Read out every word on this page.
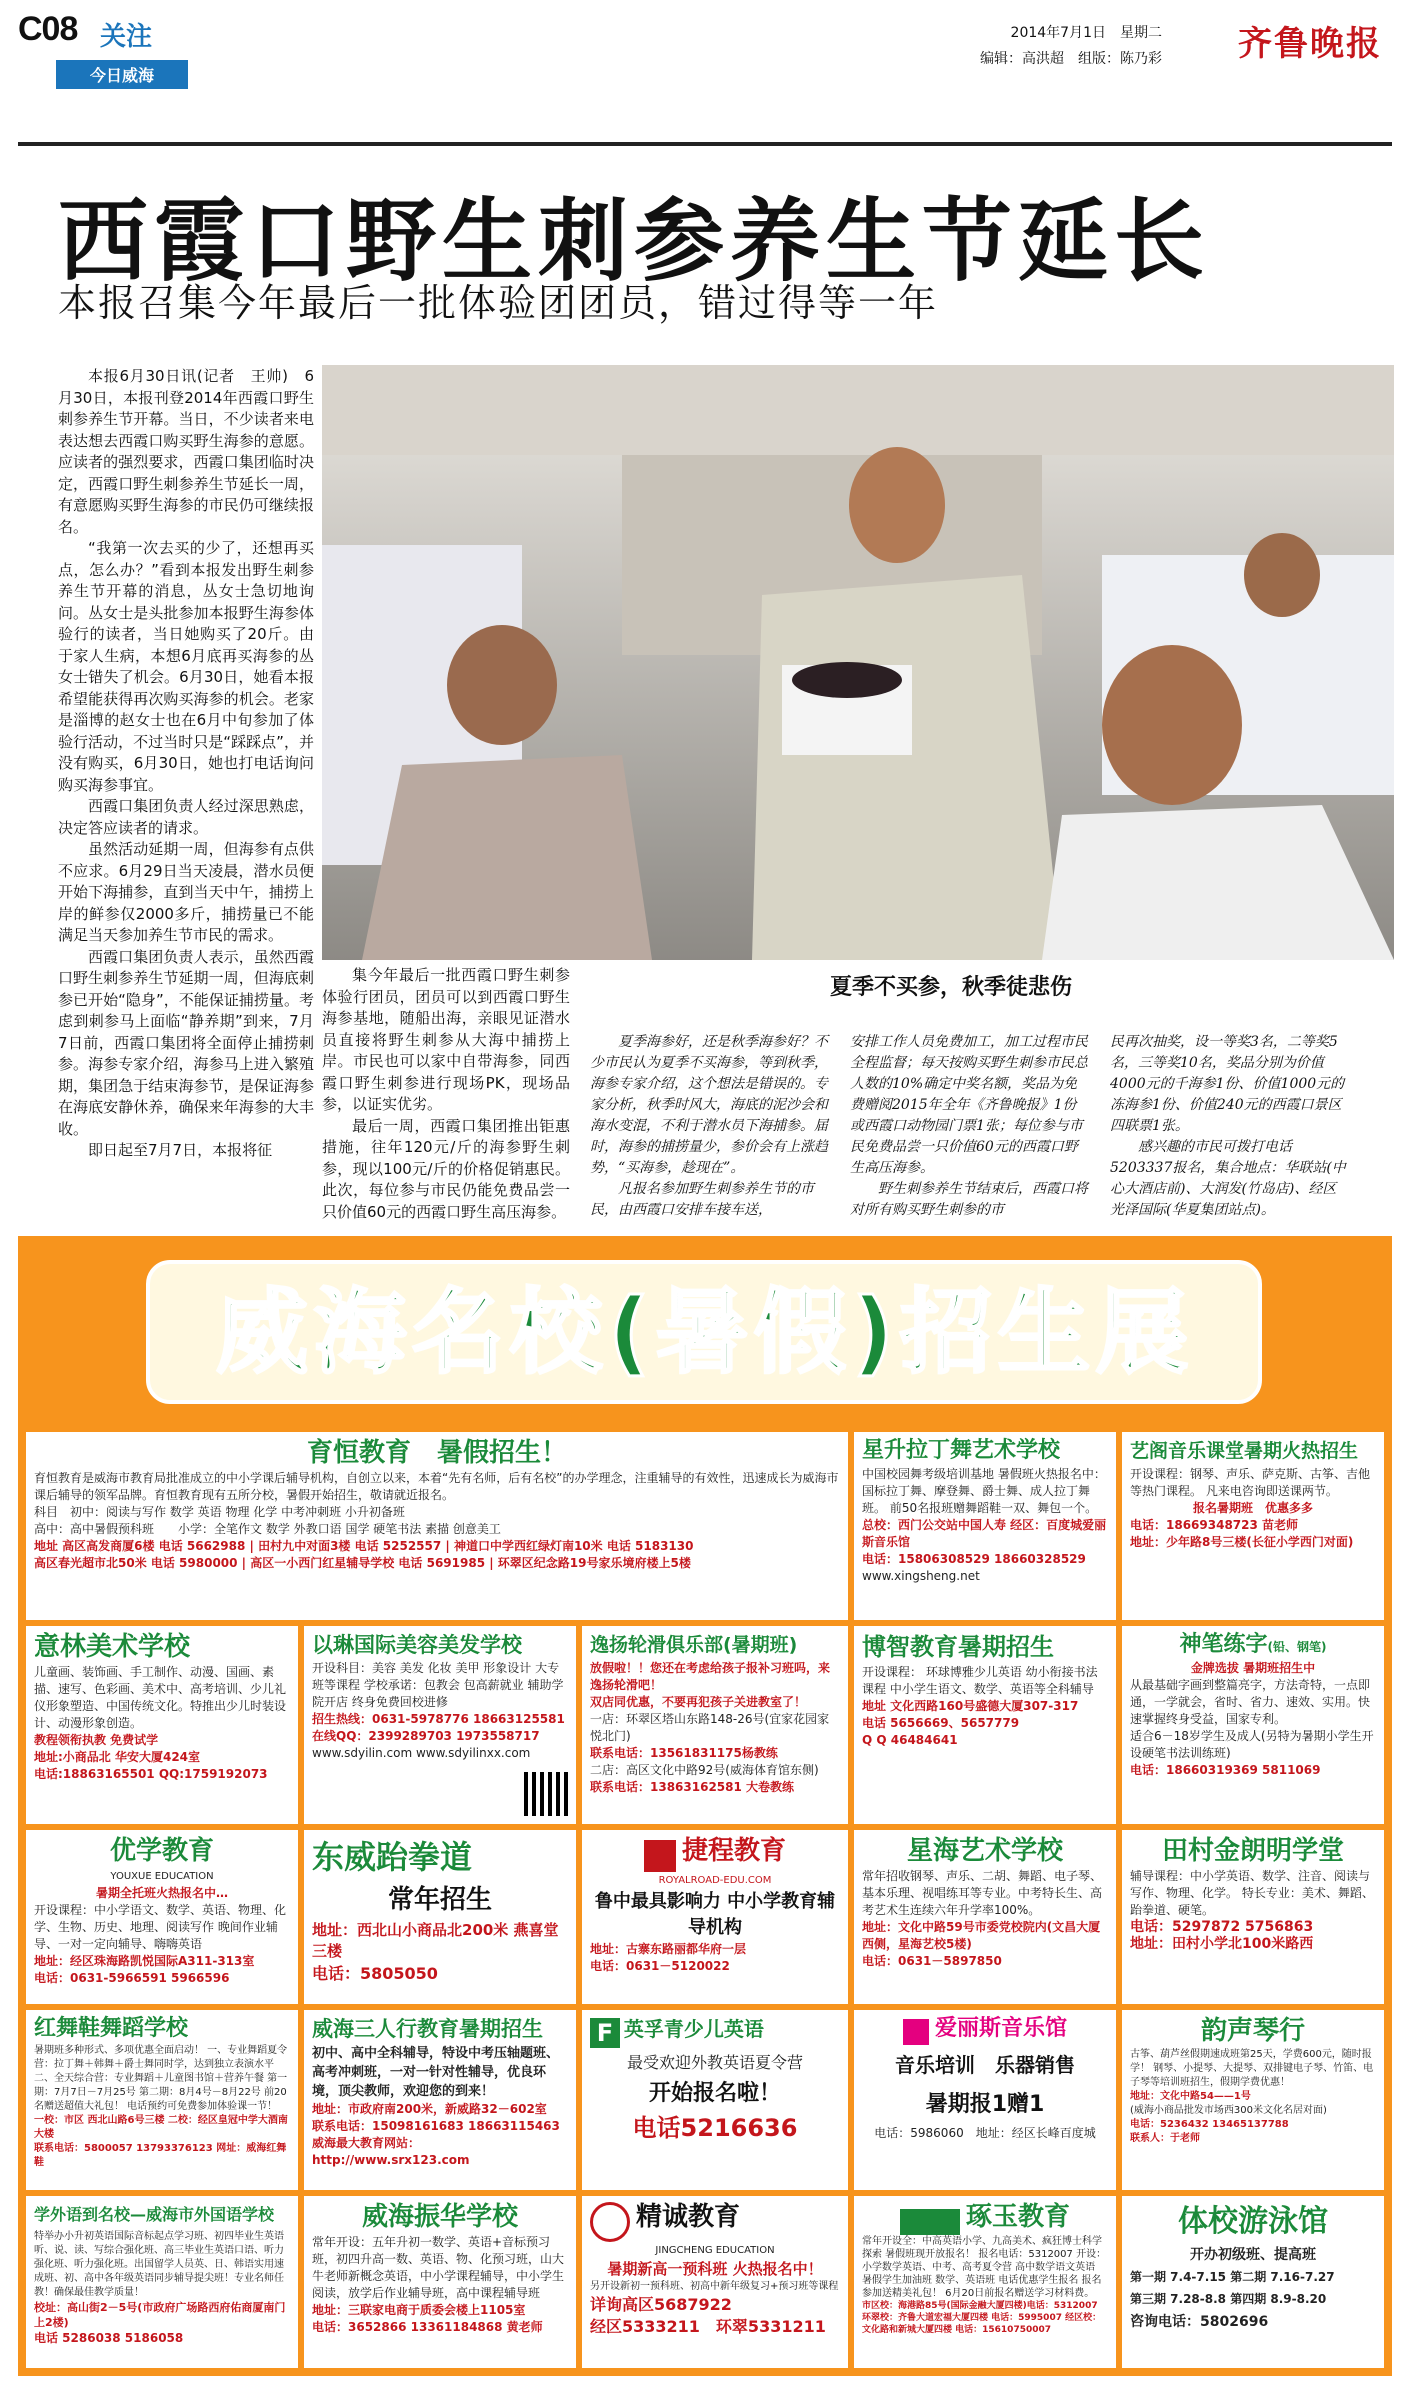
C08 关注
今日威海
2014年7月1日　星期二
编辑：高洪超　组版：陈乃彩 齐鲁晚报
西霞口野生刺参养生节延长
本报召集今年最后一批体验团团员，错过得等一年

本报6月30日讯(记者　王帅)　6月30日，本报刊登2014年西霞口野生刺参养生节开幕。当日，不少读者来电表达想去西霞口购买野生海参的意愿。应读者的强烈要求，西霞口集团临时决定，西霞口野生刺参养生节延长一周，有意愿购买野生海参的市民仍可继续报名。

“我第一次去买的少了，还想再买点，怎么办？”看到本报发出野生刺参养生节开幕的消息，丛女士急切地询问。丛女士是头批参加本报野生海参体验行的读者，当日她购买了20斤。由于家人生病，本想6月底再买海参的丛女士错失了机会。6月30日，她看本报希望能获得再次购买海参的机会。老家是淄博的赵女士也在6月中旬参加了体验行活动，不过当时只是“踩踩点”，并没有购买，6月30日，她也打电话询问购买海参事宜。

西霞口集团负责人经过深思熟虑，决定答应读者的请求。

虽然活动延期一周，但海参有点供不应求。6月29日当天凌晨，潜水员便开始下海捕参，直到当天中午，捕捞上岸的鲜参仅2000多斤，捕捞量已不能满足当天参加养生节市民的需求。

西霞口集团负责人表示，虽然西霞口野生刺参养生节延期一周，但海底刺参已开始“隐身”，不能保证捕捞量。考虑到刺参马上面临“静养期”到来，7月7日前，西霞口集团将全面停止捕捞刺参。海参专家介绍，海参马上进入繁殖期，集团急于结束海参节，是保证海参在海底安静休养，确保来年海参的大丰收。

即日起至7月7日，本报将征

夏季不买参，秋季徒悲伤

集今年最后一批西霞口野生刺参体验行团员，团员可以到西霞口野生海参基地，随船出海，亲眼见证潜水员直接将野生刺参从大海中捕捞上岸。市民也可以家中自带海参，同西霞口野生刺参进行现场PK，现场品参，以证实优劣。

最后一周，西霞口集团推出钜惠措施，往年120元/斤的海参野生刺参，现以100元/斤的价格促销惠民。此次，每位参与市民仍能免费品尝一只价值60元的西霞口野生高压海参。

夏季海参好，还是秋季海参好？不少市民认为夏季不买海参，等到秋季，海参专家介绍，这个想法是错误的。专家分析，秋季时风大，海底的泥沙会和海水变混，不利于潜水员下海捕参。届时，海参的捕捞量少，参价会有上涨趋势，“买海参，趁现在”。

凡报名参加野生刺参养生节的市民，由西霞口安排车接车送，

安排工作人员免费加工，加工过程市民全程监督；每天按购买野生刺参市民总人数的10%确定中奖名额，奖品为免费赠阅2015年全年《齐鲁晚报》1份或西霞口动物园门票1张；每位参与市民免费品尝一只价值60元的西霞口野生高压海参。

野生刺参养生节结束后，西霞口将对所有购买野生刺参的市

民再次抽奖，设一等奖3名，二等奖5名，三等奖10名，奖品分别为价值4000元的千海参1份、价值1000元的冻海参1份、价值240元的西霞口景区四联票1张。

感兴趣的市民可拨打电话5203337报名，集合地点：华联站(中心大酒店前)、大润发(竹岛店)、经区光泽国际(华夏集团站点)。

威海名校(暑假)招生展
育恒教育　暑假招生！
育恒教育是威海市教育局批准成立的中小学课后辅导机构，自创立以来，本着“先有名师，后有名校”的办学理念，注重辅导的有效性，迅速成长为威海市课后辅导的领军品牌。育恒教育现有五所分校，暑假开始招生，敬请就近报名。
科目　初中：阅读与写作 数学 英语 物理 化学 中考冲刺班 小升初备班
高中：高中暑假预科班　　小学：全笔作文 数学 外教口语 国学 硬笔书法 素描 创意美工
地址 高区高发商厦6楼 电话 5662988 | 田村九中对面3楼 电话 5252557 | 神道口中学西红绿灯南10米 电话 5183130
高区春光超市北50米 电话 5980000 | 高区一小西门红星辅导学校 电话 5691985 | 环翠区纪念路19号家乐境府楼上5楼
星升拉丁舞艺术学校
中国校园舞考级培训基地 暑假班火热报名中：国标拉丁舞、摩登舞、爵士舞、成人拉丁舞班。 前50名报班赠舞蹈鞋一双、舞包一个。
总校：西门公交站中国人寿 经区：百度城爱丽斯音乐馆
电话：15806308529 18660328529
www.xingsheng.net
艺阁音乐课堂暑期火热招生
开设课程：钢琴、声乐、萨克斯、古筝、吉他等热门课程。 凡来电咨询即送课两节。
报名暑期班　优惠多多
电话：18669348723 苗老师
地址：少年路8号三楼(长征小学西门对面)
意林美术学校
儿童画、装饰画、手工制作、动漫、国画、素描、速写、色彩画、美术中、高考培训、少儿礼仪形象塑造、中国传统文化。特推出少儿时装设计、动漫形象创造。
教程领衔执教 免费试学
地址:小商品北 华安大厦424室
电话:18863165501 QQ:1759192073
以琳国际美容美发学校
开设科目：美容 美发 化妆 美甲 形象设计 大专班等课程 学校承诺：包教会 包高薪就业 辅助学院开店 终身免费回校进修
招生热线：0631-5978776 18663125581
在线QQ：2399289703 1973558717
www.sdyilin.com www.sdyilinxx.com
逸扬轮滑俱乐部(暑期班)
放假啦！！您还在考虑给孩子报补习班吗，来逸扬轮滑吧！
双店同优惠，不要再犯孩子关进教室了！
一店：环翠区塔山东路148-26号(宜家花园家悦北门)
联系电话：13561831175杨教练
二店：高区文化中路92号(威海体育馆东侧)
联系电话：13863162581 大卷教练
博智教育暑期招生
开设课程： 环球博雅少儿英语 幼小衔接书法课程 中小学生语文、数学、英语等全科辅导
地址 文化西路160号盛德大厦307-317
电话 5656669、5657779
Q Q 46484641
神笔练字(铅、钢笔)
金牌选拔 暑期班招生中
从最基础字画到整篇亮字，方法奇特，一点即通，一学就会，省时、省力、速效、实用。快速掌握终身受益，国家专利。
适合6－18岁学生及成人(另特为暑期小学生开设硬笔书法训练班)
电话：18660319369 5811069
优学教育
YOUXUE EDUCATION
暑期全托班火热报名中…
开设课程：中小学语文、数学、英语、物理、化学、生物、历史、地理、阅读写作 晚间作业辅导、一对一定向辅导、嗨嗨英语
地址：经区珠海路凯悦国际A311-313室
电话：0631-5966591 5966596
东威跆拳道
常年招生
地址：西北山小商品北200米 燕喜堂三楼
电话：5805050
捷程教育
ROYALROAD-EDU.COM
鲁中最具影响力 中小学教育辅导机构
地址：古寨东路丽都华府一层
电话：0631－5120022
星海艺术学校
常年招收钢琴、声乐、二胡、舞蹈、电子琴、基本乐理、视唱练耳等专业。中考特长生、高考艺术生连续六年升学率100%。
地址：文化中路59号市委党校院内(文昌大厦西侧，星海艺校5楼)
电话：0631－5897850
田村金朗明学堂
辅导课程：中小学英语、数学、注音、阅读与写作、物理、化学。 特长专业：美术、舞蹈、跆拳道、硬笔。
电话：5297872 5756863
地址：田村小学北100米路西
红舞鞋舞蹈学校
暑期班多种形式、多项优惠全面启动！ 一、专业舞蹈夏令营：拉丁舞＋韩舞＋爵士舞同时学，达到独立表演水平 二、全天综合营：专业舞蹈＋儿童图书馆＋营养午餐 第一期：7月7日－7月25号 第二期：8月4号－8月22号 前20名赠送超值大礼包！ 电话预约可免费参加体验课一节！
一校：市区 西北山路6号三楼 二校：经区皇冠中学大酒南大楼
联系电话：5800057 13793376123 网址：威海红舞鞋
威海三人行教育暑期招生
初中、高中全科辅导，特设中考压轴题班、高考冲刺班，一对一针对性辅导，优良环境，顶尖教师，欢迎您的到来！
地址：市政府南200米，新威路32－602室
联系电话：15098161683 18663115463
威海最大教育网站：http://www.srx123.com
F 英孚青少儿英语
最受欢迎外教英语夏令营
开始报名啦！
电话5216636
爱丽斯音乐馆
音乐培训　乐器销售
暑期报1赠1
电话：5986060　地址：经区长峰百度城
韵声琴行
古筝、葫芦丝假期速成班第25天，学费600元，随时报学！ 钢琴、小提琴、大提琴、双排键电子琴、竹笛、电子琴等培训班招生，假期学费优惠！
地址：文化中路54——1号
(威海小商品批发市场西300米文化名居对面)
电话：5236432 13465137788
联系人：于老师
学外语到名校—威海市外国语学校
特举办小升初英语国际音标起点学习班、初四毕业生英语听、说、读、写综合强化班、高三毕业生英语口语、听力强化班、听力强化班。出国留学人员英、日、韩语实用速成班、初、高中各年级英语同步辅导提尖班！专业名师任教！确保最佳教学质量！
校址：高山街2－5号(市政府广场路西府佑商厦南门上2楼)
电话 5286038 5186058
威海振华学校
常年开设：五年升初一数学、英语+音标预习班，初四升高一数、英语、物、化预习班，山大牛老师新概念英语，中小学课程辅导，中小学生阅读，放学后作业辅导班，高中课程辅导班
地址：三联家电商于质委会楼上1105室
电话：3652866 13361184868 黄老师
精诚教育
JINGCHENG EDUCATION
暑期新高一预科班 火热报名中！
另开设新初一预科班、初高中新年级复习+预习班等课程
详询高区5687922
经区5333211　环翠5331211
琢玉教育
常年开设全：中高英语小学、九高美术、疯狂博士科学探索 暑假班现开放报名！ 报名电话：5312007 开设：小学数学英语、中考、高考夏令营 高中数学语文英语 暑假学生加油班 数学、英语班 电话优惠学生报名 报名参加送精美礼包！ 6月20日前报名赠送学习材料费。
市区校：海港路85号(国际金融大厦四楼)电话：5312007 环翠校：齐鲁大道宏福大厦四楼 电话：5995007 经区校：文化路和新城大厦四楼 电话：15610750007
体校游泳馆
开办初级班、提高班
第一期 7.4-7.15 第二期 7.16-7.27
第三期 7.28-8.8 第四期 8.9-8.20
咨询电话：5802696
